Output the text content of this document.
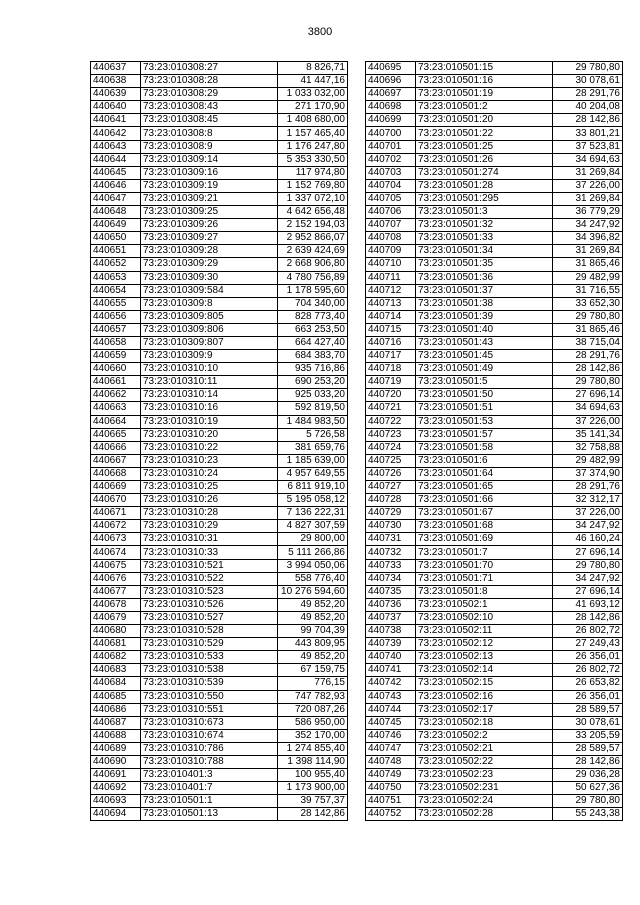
3800
440637	73:23:010308:27	8 826,71
440638	73:23:010308:28	41 447,16
440639	73:23:010308:29	1 033 032,00
440640	73:23:010308:43	271 170,90
440641	73:23:010308:45	1 408 680,00
440642	73:23:010308:8	1 157 465,40
440643	73:23:010308:9	1 176 247,80
440644	73:23:010309:14	5 353 330,50
440645	73:23:010309:16	117 974,80
440646	73:23:010309:19	1 152 769,80
440647	73:23:010309:21	1 337 072,10
440648	73:23:010309:25	4 642 656,48
440649	73:23:010309:26	2 152 194,03
440650	73:23:010309:27	2 952 866,07
440651	73:23:010309:28	2 639 424,69
440652	73:23:010309:29	2 668 906,80
440653	73:23:010309:30	4 780 756,89
440654	73:23:010309:584	1 178 595,60
440655	73:23:010309:8	704 340,00
440656	73:23:010309:805	828 773,40
440657	73:23:010309:806	663 253,50
440658	73:23:010309:807	664 427,40
440659	73:23:010309:9	684 383,70
440660	73:23:010310:10	935 716,86
440661	73:23:010310:11	690 253,20
440662	73:23:010310:14	925 033,20
440663	73:23:010310:16	592 819,50
440664	73:23:010310:19	1 484 983,50
440665	73:23:010310:20	5 726,58
440666	73:23:010310:22	381 659,76
440667	73:23:010310:23	1 185 639,00
440668	73:23:010310:24	4 957 649,55
440669	73:23:010310:25	6 811 919,10
440670	73:23:010310:26	5 195 058,12
440671	73:23:010310:28	7 136 222,31
440672	73:23:010310:29	4 827 307,59
440673	73:23:010310:31	29 800,00
440674	73:23:010310:33	5 111 266,86
440675	73:23:010310:521	3 994 050,06
440676	73:23:010310:522	558 776,40
440677	73:23:010310:523	10 276 594,60
440678	73:23:010310:526	49 852,20
440679	73:23:010310:527	49 852,20
440680	73:23:010310:528	99 704,39
440681	73:23:010310:529	443 809,95
440682	73:23:010310:533	49 852,20
440683	73:23:010310:538	67 159,75
440684	73:23:010310:539	776,15
440685	73:23:010310:550	747 782,93
440686	73:23:010310:551	720 087,26
440687	73:23:010310:673	586 950,00
440688	73:23:010310:674	352 170,00
440689	73:23:010310:786	1 274 855,40
440690	73:23:010310:788	1 398 114,90
440691	73:23:010401:3	100 955,40
440692	73:23:010401:7	1 173 900,00
440693	73:23:010501:1	39 757,37
440694	73:23:010501:13	28 142,86
440695	73:23:010501:15	29 780,80
440696	73:23:010501:16	30 078,61
440697	73:23:010501:19	28 291,76
440698	73:23:010501:2	40 204,08
440699	73:23:010501:20	28 142,86
440700	73:23:010501:22	33 801,21
440701	73:23:010501:25	37 523,81
440702	73:23:010501:26	34 694,63
440703	73:23:010501:274	31 269,84
440704	73:23:010501:28	37 226,00
440705	73:23:010501:295	31 269,84
440706	73:23:010501:3	36 779,29
440707	73:23:010501:32	34 247,92
440708	73:23:010501:33	34 396,82
440709	73:23:010501:34	31 269,84
440710	73:23:010501:35	31 865,46
440711	73:23:010501:36	29 482,99
440712	73:23:010501:37	31 716,55
440713	73:23:010501:38	33 652,30
440714	73:23:010501:39	29 780,80
440715	73:23:010501:40	31 865,46
440716	73:23:010501:43	38 715,04
440717	73:23:010501:45	28 291,76
440718	73:23:010501:49	28 142,86
440719	73:23:010501:5	29 780,80
440720	73:23:010501:50	27 696,14
440721	73:23:010501:51	34 694,63
440722	73:23:010501:53	37 226,00
440723	73:23:010501:57	35 141,34
440724	73:23:010501:58	32 758,88
440725	73:23:010501:6	29 482,99
440726	73:23:010501:64	37 374,90
440727	73:23:010501:65	28 291,76
440728	73:23:010501:66	32 312,17
440729	73:23:010501:67	37 226,00
440730	73:23:010501:68	34 247,92
440731	73:23:010501:69	46 160,24
440732	73:23:010501:7	27 696,14
440733	73:23:010501:70	29 780,80
440734	73:23:010501:71	34 247,92
440735	73:23:010501:8	27 696,14
440736	73:23:010502:1	41 693,12
440737	73:23:010502:10	28 142,86
440738	73:23:010502:11	26 802,72
440739	73:23:010502:12	27 249,43
440740	73:23:010502:13	26 356,01
440741	73:23:010502:14	26 802,72
440742	73:23:010502:15	26 653,82
440743	73:23:010502:16	26 356,01
440744	73:23:010502:17	28 589,57
440745	73:23:010502:18	30 078,61
440746	73:23:010502:2	33 205,59
440747	73:23:010502:21	28 589,57
440748	73:23:010502:22	28 142,86
440749	73:23:010502:23	29 036,28
440750	73:23:010502:231	50 627,36
440751	73:23:010502:24	29 780,80
440752	73:23:010502:28	55 243,38
